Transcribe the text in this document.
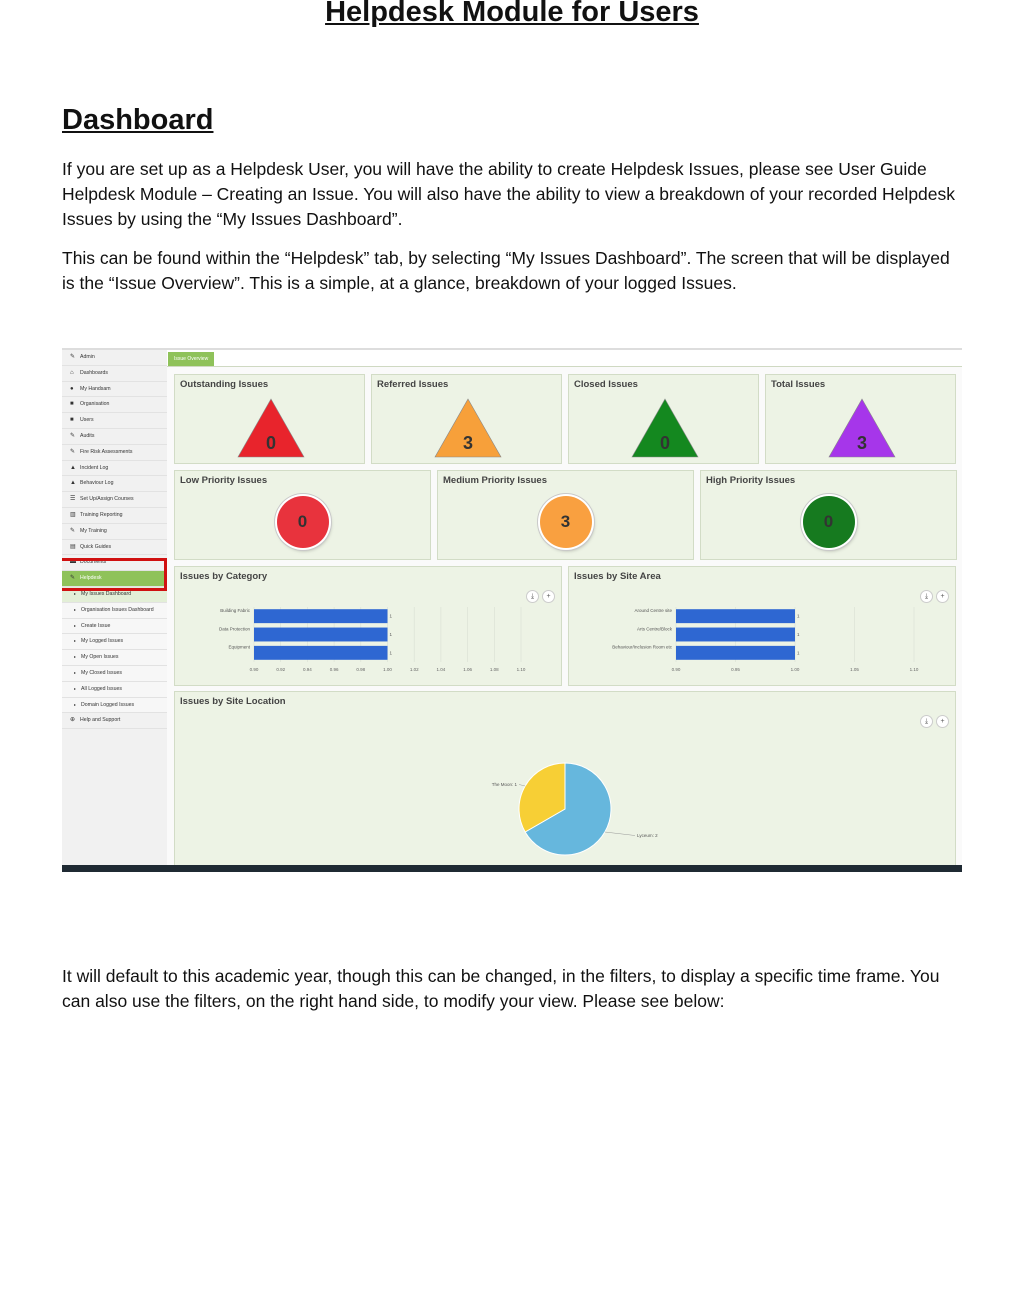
Helpdesk Module for Users
Dashboard
If you are set up as a Helpdesk User, you will have the ability to create Helpdesk Issues, please see User Guide Helpdesk Module – Creating an Issue. You will also have the ability to view a breakdown of your recorded Helpdesk Issues by using the “My Issues Dashboard”.
This can be found within the “Helpdesk” tab, by selecting “My Issues Dashboard”. The screen that will be displayed is the “Issue Overview”. This is a simple, at a glance, breakdown of your logged Issues.
✎ Admin
⌂ Dashboards
● My Handsam
■ Organisation
■ Users
✎ Audits
✎ Fire Risk Assessments
▲ Incident Log
▲ Behaviour Log
☰ Set Up/Assign Courses
▥ Training Reporting
✎ My Training
▤ Quick Guides
▬ Documents
✎ Helpdesk
▸ My Issues Dashboard
▸ Organisation Issues Dashboard
▸ Create Issue
▸ My Logged Issues
▸ My Open Issues
▸ My Closed Issues
▸ All Logged Issues
▸ Domain Logged Issues
⊕ Help and Support
Issue Overview
Issues by Category
⤓ +
0.90	0.92	0.94	0.96	0.98	1.00	1.02	1.04	1.06	1.08	1.10
Building Fabric
1
Data Protection
1
Equipment
1
Issues by Site Area
⤓ +
0.90	0.95	1.00	1.05	1.10
Around Centre site
1
Arts Centre/Block
1
Behaviour/Inclusion Room etc
1
Issues by Site Location
⤓ +
Lyceum: 2
The Moon: 1
Outstanding Issues
0
Referred Issues
3
Closed Issues
0
Total Issues
3
Low Priority Issues
0
Medium Priority Issues
3
High Priority Issues
0
It will default to this academic year, though this can be changed, in the filters, to display a specific time frame. You can also use the filters, on the right hand side, to modify your view. Please see below:
